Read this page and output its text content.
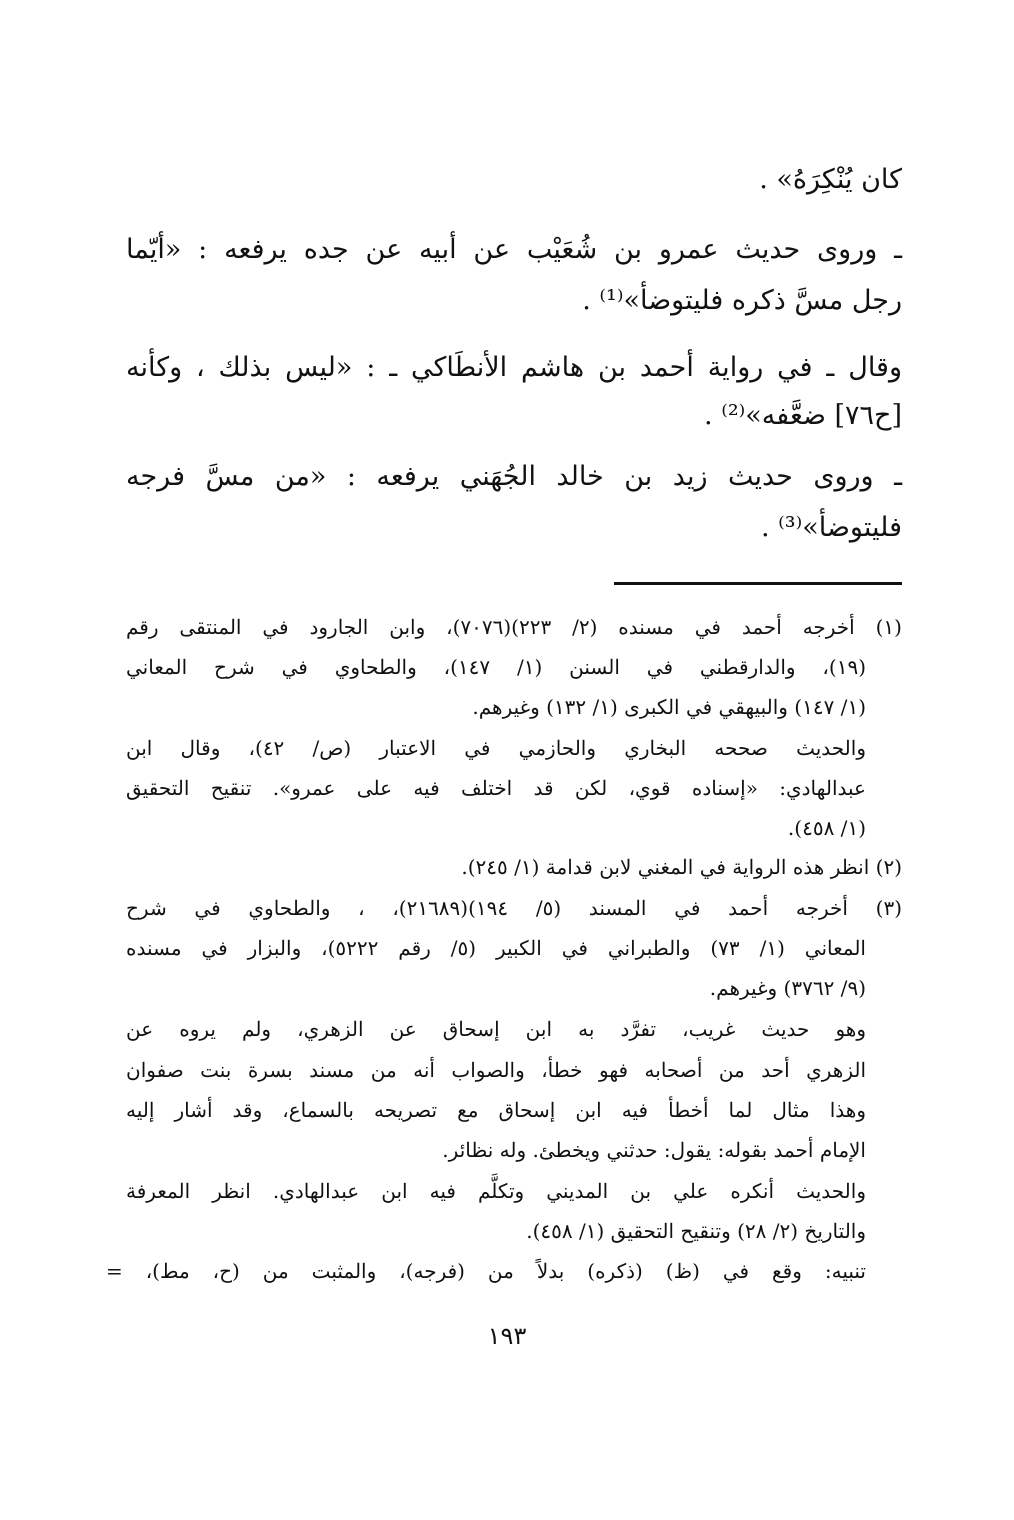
كان يُنْكِرَهُ» .
ـ وروى حديث عمرو بن شُعَيْب عن أبيه عن جده يرفعه : «أيّما
رجل مسَّ ذكره فليتوضأ»⁽¹⁾ .
وقال ـ في رواية أحمد بن هاشم الأنطَاكي ـ : «ليس بذلك ، وكأنه
[ح٧٦] ضعَّفه»⁽²⁾ .
ـ وروى حديث زيد بن خالد الجُهَني يرفعه : «من مسَّ فرجه
فليتوضأ»⁽³⁾ .
(١) أخرجه أحمد في مسنده (٢/ ٢٢٣)(٧٠٧٦)، وابن الجارود في المنتقى رقم
(١٩)، والدارقطني في السنن (١/ ١٤٧)، والطحاوي في شرح المعاني
(١/ ١٤٧) والبيهقي في الكبرى (١/ ١٣٢) وغيرهم.
والحديث صححه البخاري والحازمي في الاعتبار (ص/ ٤٢)، وقال ابن
عبدالهادي: «إسناده قوي، لكن قد اختلف فيه على عمرو». تنقيح التحقيق
(١/ ٤٥٨).
(٢) انظر هذه الرواية في المغني لابن قدامة (١/ ٢٤٥).
(٣) أخرجه أحمد في المسند (٥/ ١٩٤)(٢١٦٨٩)، ، والطحاوي في شرح
المعاني (١/ ٧٣) والطبراني في الكبير (٥/ رقم ٥٢٢٢)، والبزار في مسنده
(٩/ ٣٧٦٢) وغيرهم.
وهو حديث غريب، تفرَّد به ابن إسحاق عن الزهري، ولم يروه عن
الزهري أحد من أصحابه فهو خطأ، والصواب أنه من مسند بسرة بنت صفوان
وهذا مثال لما أخطأ فيه ابن إسحاق مع تصريحه بالسماع، وقد أشار إليه
الإمام أحمد بقوله: يقول: حدثني ويخطئ. وله نظائر.
والحديث أنكره علي بن المديني وتكلَّم فيه ابن عبدالهادي. انظر المعرفة
والتاريخ (٢/ ٢٨) وتنقيح التحقيق (١/ ٤٥٨).
تنبيه: وقع في (ظ) (ذكره) بدلاً من (فرجه)، والمثبت من (ح، مط)، =
١٩٣
